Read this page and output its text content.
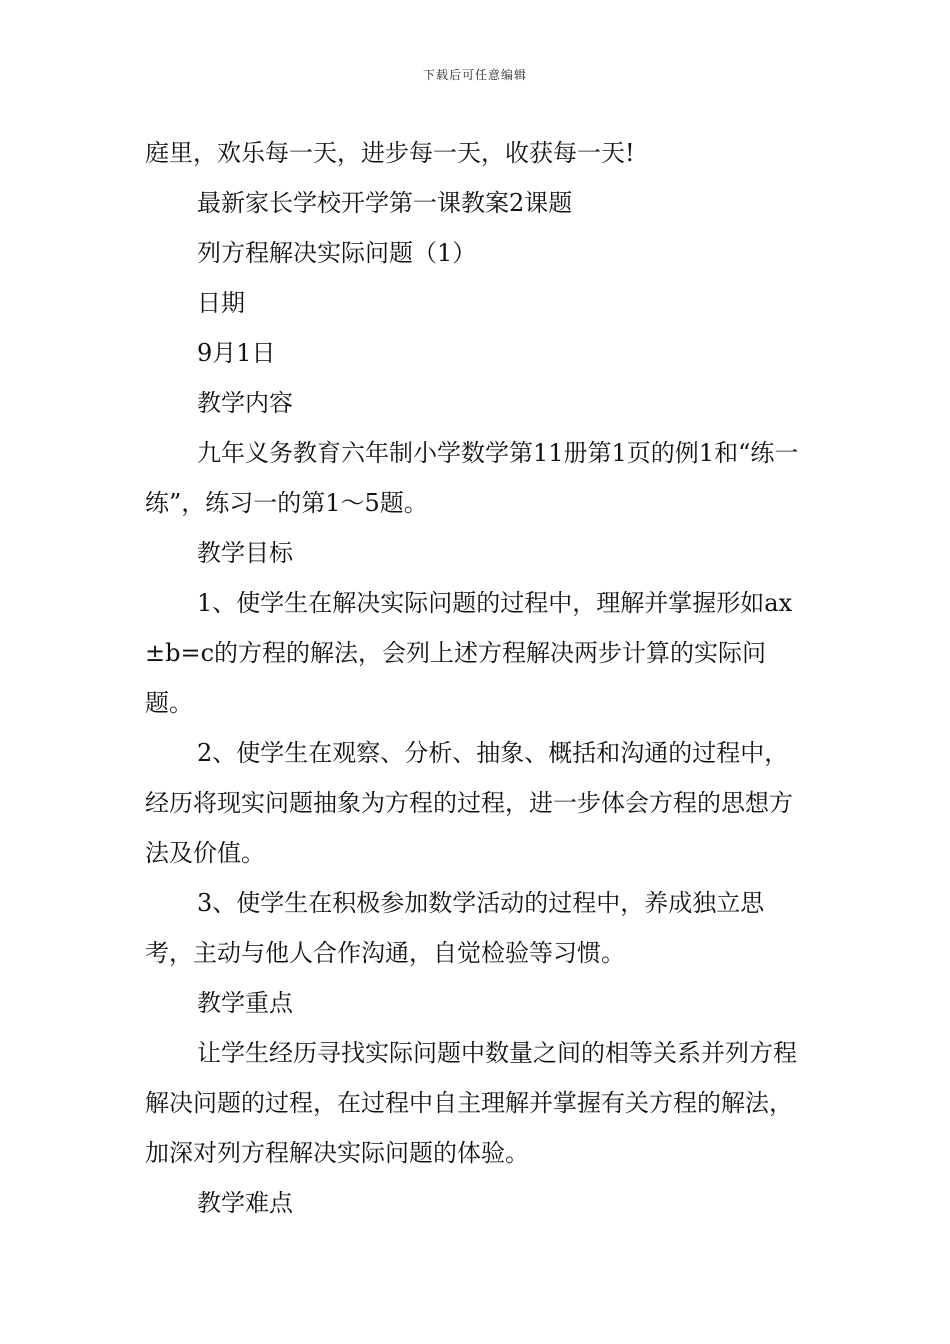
下载后可任意编辑

庭里，欢乐每一天，进步每一天，收获每一天!

最新家长学校开学第一课教案2课题

列方程解决实际问题（1）

日期

9月1日

教学内容

九年义务教育六年制小学数学第11册第1页的例1和“练一练”，练习一的第1～5题。

教学目标

1、使学生在解决实际问题的过程中，理解并掌握形如ax±b=c的方程的解法，会列上述方程解决两步计算的实际问题。

2、使学生在观察、分析、抽象、概括和沟通的过程中，经历将现实问题抽象为方程的过程，进一步体会方程的思想方法及价值。

3、使学生在积极参加数学活动的过程中，养成独立思考，主动与他人合作沟通，自觉检验等习惯。

教学重点

让学生经历寻找实际问题中数量之间的相等关系并列方程解决问题的过程，在过程中自主理解并掌握有关方程的解法，加深对列方程解决实际问题的体验。

教学难点
